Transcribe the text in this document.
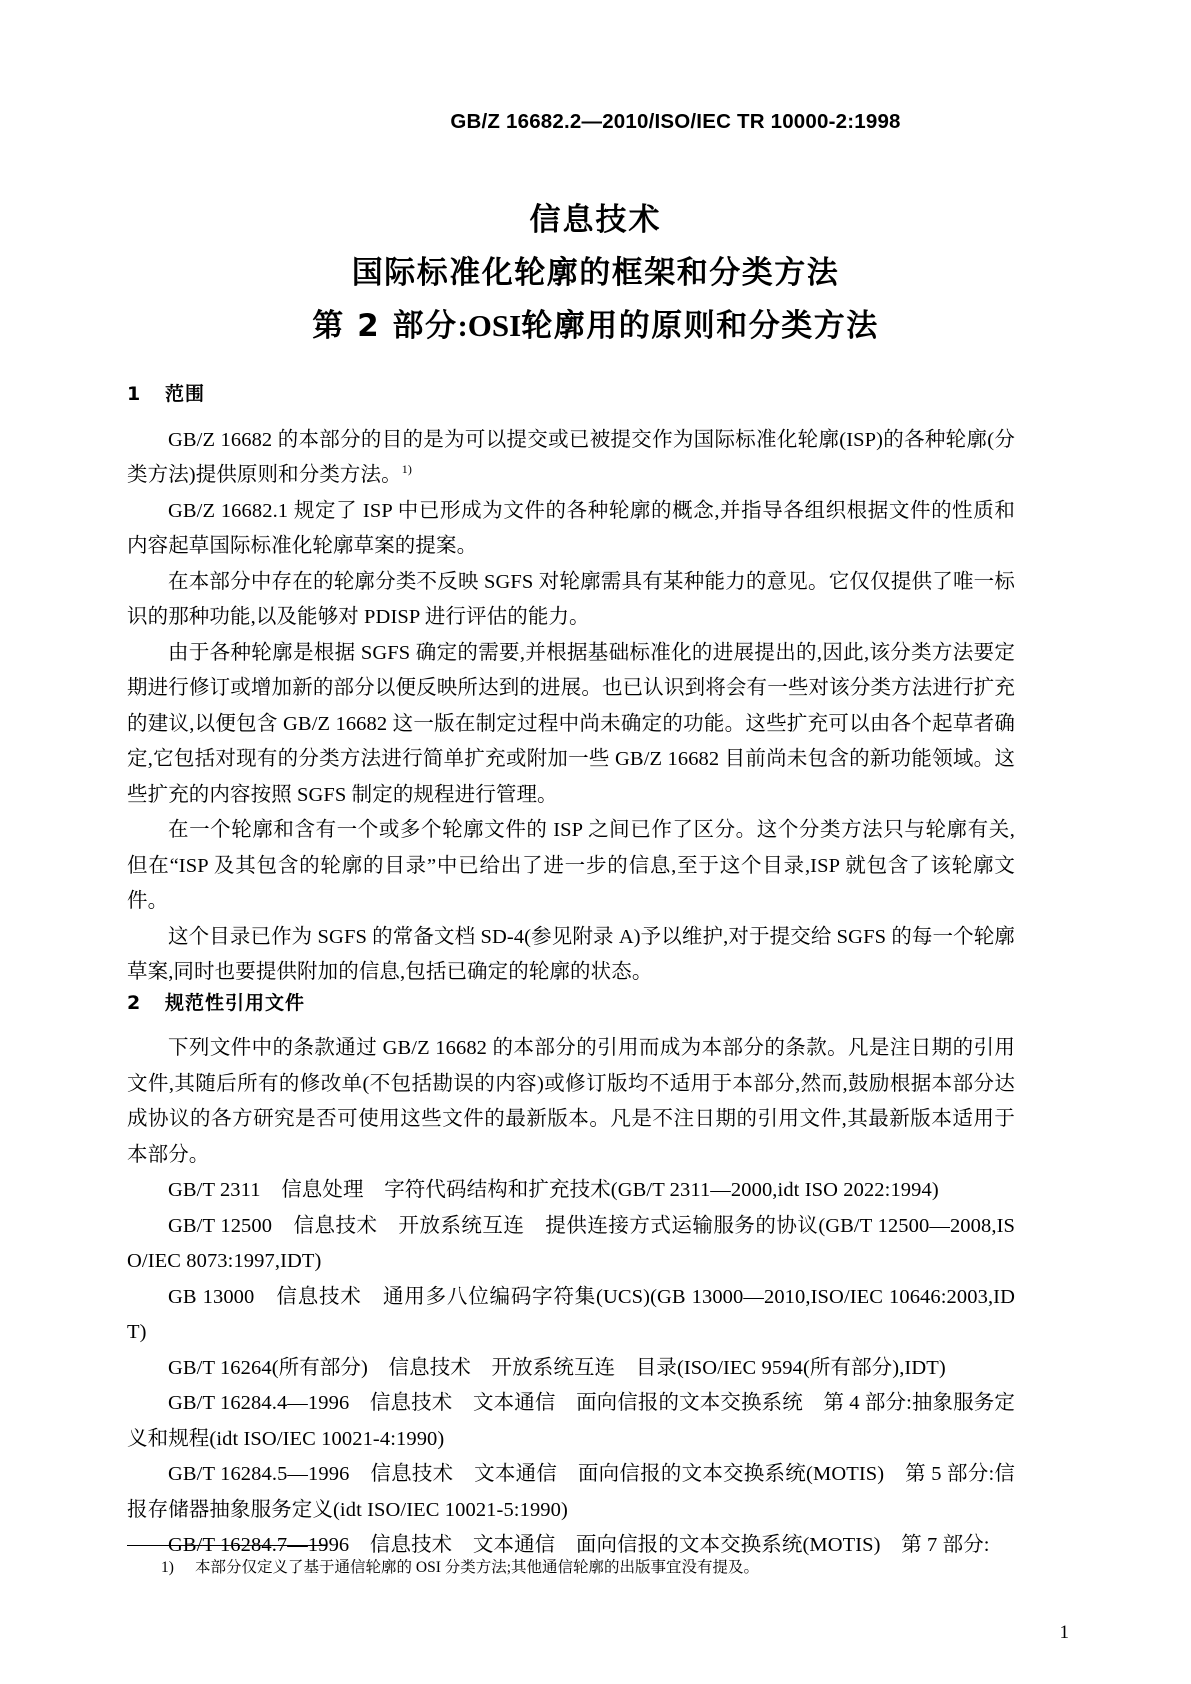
GB/Z 16682.2—2010/ISO/IEC TR 10000-2:1998
信息技术
国际标准化轮廓的框架和分类方法
第 2 部分:OSI轮廓用的原则和分类方法
1 范围

GB/Z 16682 的本部分的目的是为可以提交或已被提交作为国际标准化轮廓(ISP)的各种轮廓(分类方法)提供原则和分类方法。$^{1)}$

GB/Z 16682.1 规定了 ISP 中已形成为文件的各种轮廓的概念,并指导各组织根据文件的性质和内容起草国际标准化轮廓草案的提案。

在本部分中存在的轮廓分类不反映 SGFS 对轮廓需具有某种能力的意见。它仅仅提供了唯一标识的那种功能,以及能够对 PDISP 进行评估的能力。

由于各种轮廓是根据 SGFS 确定的需要,并根据基础标准化的进展提出的,因此,该分类方法要定期进行修订或增加新的部分以便反映所达到的进展。也已认识到将会有一些对该分类方法进行扩充的建议,以便包含 GB/Z 16682 这一版在制定过程中尚未确定的功能。这些扩充可以由各个起草者确定,它包括对现有的分类方法进行简单扩充或附加一些 GB/Z 16682 目前尚未包含的新功能领域。这些扩充的内容按照 SGFS 制定的规程进行管理。

在一个轮廓和含有一个或多个轮廓文件的 ISP 之间已作了区分。这个分类方法只与轮廓有关,但在“ISP 及其包含的轮廓的目录”中已给出了进一步的信息,至于这个目录,ISP 就包含了该轮廓文件。

这个目录已作为 SGFS 的常备文档 SD-4(参见附录 A)予以维护,对于提交给 SGFS 的每一个轮廓草案,同时也要提供附加的信息,包括已确定的轮廓的状态。

2 规范性引用文件

下列文件中的条款通过 GB/Z 16682 的本部分的引用而成为本部分的条款。凡是注日期的引用文件,其随后所有的修改单(不包括勘误的内容)或修订版均不适用于本部分,然而,鼓励根据本部分达成协议的各方研究是否可使用这些文件的最新版本。凡是不注日期的引用文件,其最新版本适用于本部分。

GB/T 2311　信息处理　字符代码结构和扩充技术(GB/T 2311—2000,idt ISO 2022:1994)

GB/T 12500　信息技术　开放系统互连　提供连接方式运输服务的协议(GB/T 12500—2008,ISO/IEC 8073:1997,IDT)

GB 13000　信息技术　通用多八位编码字符集(UCS)(GB 13000—2010,ISO/IEC 10646:2003,IDT)

GB/T 16264(所有部分)　信息技术　开放系统互连　目录(ISO/IEC 9594(所有部分),IDT)

GB/T 16284.4—1996　信息技术　文本通信　面向信报的文本交换系统　第 4 部分:抽象服务定义和规程(idt ISO/IEC 10021-4:1990)

GB/T 16284.5—1996　信息技术　文本通信　面向信报的文本交换系统(MOTIS)　第 5 部分:信报存储器抽象服务定义(idt ISO/IEC 10021-5:1990)

GB/T 16284.7—1996　信息技术　文本通信　面向信报的文本交换系统(MOTIS)　第 7 部分:

1)	本部分仅定义了基于通信轮廓的 OSI 分类方法;其他通信轮廓的出版事宜没有提及。
1
